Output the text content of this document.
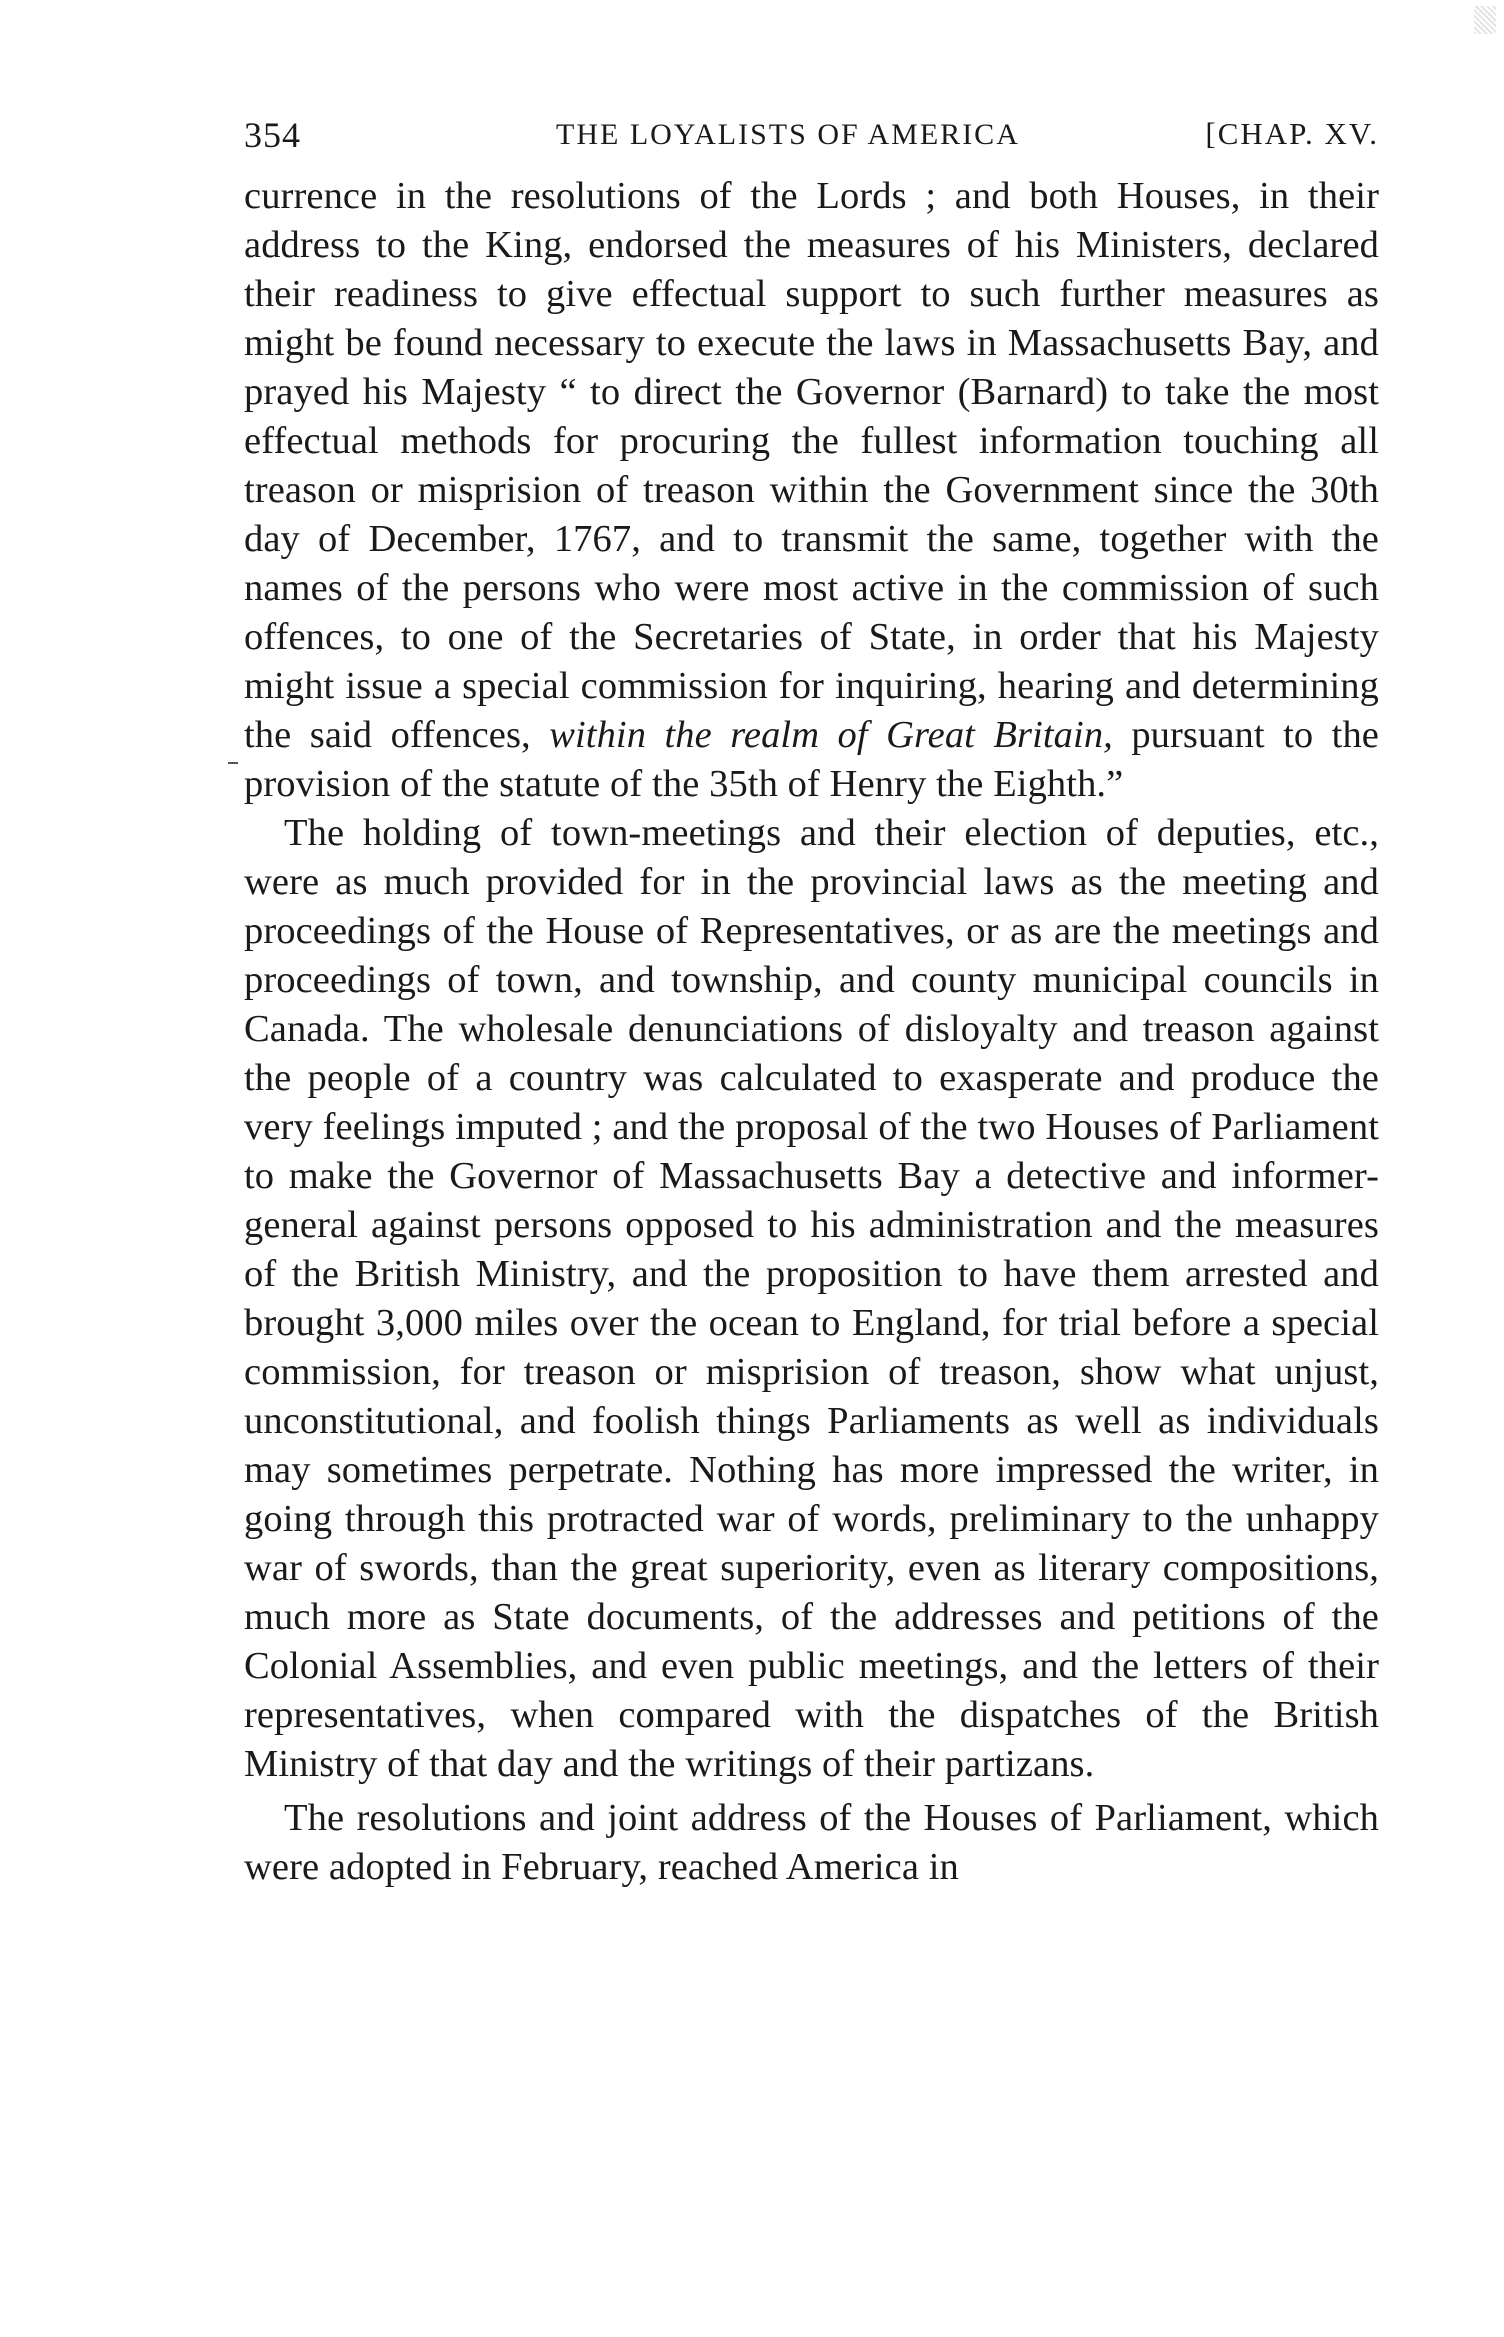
354	THE LOYALISTS OF AMERICA	[CHAP. XV.

currence in the resolutions of the Lords ; and both Houses, in their address to the King, endorsed the measures of his Ministers, declared their readiness to give effectual support to such further measures as might be found necessary to execute the laws in Massachusetts Bay, and prayed his Majesty “ to direct the Governor (Barnard) to take the most effectual methods for procuring the fullest information touching all treason or misprision of treason within the Government since the 30th day of December, 1767, and to transmit the same, together with the names of the persons who were most active in the commission of such offences, to one of the Secretaries of State, in order that his Majesty might issue a special commission for inquiring, hearing and determining the said offences, within the realm of Great Britain, pursuant to the provision of the statute of the 35th of Henry the Eighth.”

The holding of town-meetings and their election of deputies, etc., were as much provided for in the provincial laws as the meeting and proceedings of the House of Representatives, or as are the meetings and proceedings of town, and township, and county municipal councils in Canada. The wholesale denunciations of disloyalty and treason against the people of a country was calculated to exasperate and produce the very feelings imputed ; and the proposal of the two Houses of Parliament to make the Governor of Massachusetts Bay a detective and informer-general against persons opposed to his administration and the measures of the British Ministry, and the proposition to have them arrested and brought 3,000 miles over the ocean to England, for trial before a special commission, for treason or misprision of treason, show what unjust, unconstitutional, and foolish things Parliaments as well as individuals may sometimes perpetrate. Nothing has more impressed the writer, in going through this protracted war of words, preliminary to the unhappy war of swords, than the great superiority, even as literary compositions, much more as State documents, of the addresses and petitions of the Colonial Assemblies, and even public meetings, and the letters of their representatives, when compared with the dispatches of the British Ministry of that day and the writings of their partizans.

The resolutions and joint address of the Houses of Parliament, which were adopted in February, reached America in
